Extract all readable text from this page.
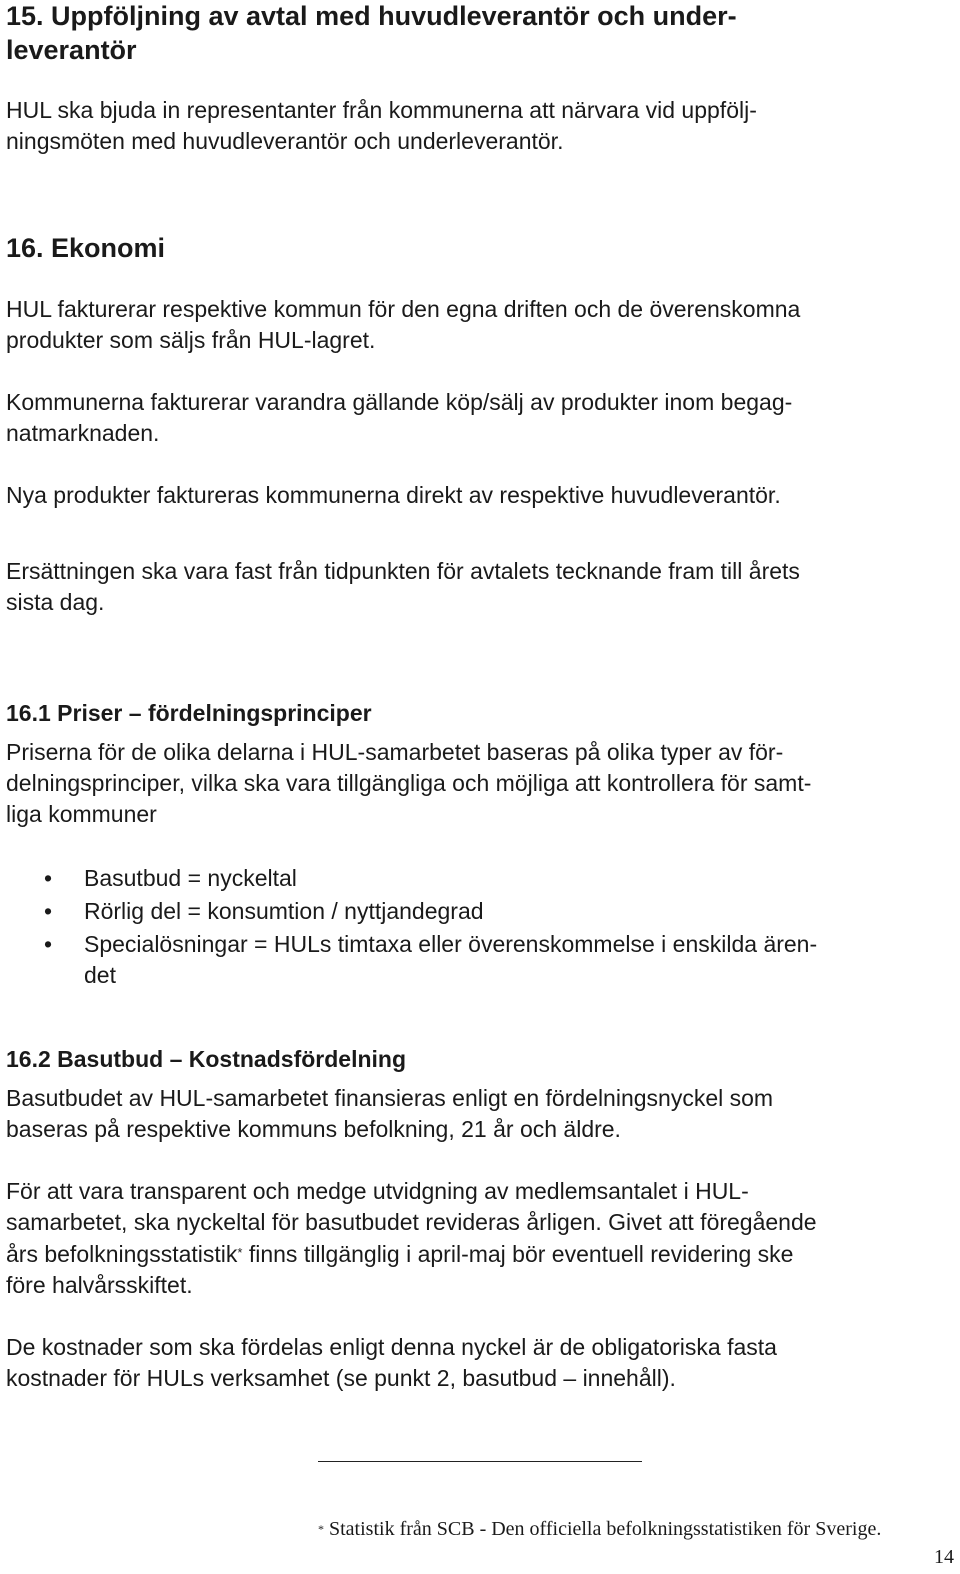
15. Uppföljning av avtal med huvudleverantör och under-

leverantör

HUL ska bjuda in representanter från kommunerna att närvara vid uppfölj-

ningsmöten med huvudleverantör och underleverantör.

16. Ekonomi

HUL fakturerar respektive kommun för den egna driften och de överenskomna

produkter som säljs från HUL-lagret.

Kommunerna fakturerar varandra gällande köp/sälj av produkter inom begag-

natmarknaden.

Nya produkter faktureras kommunerna direkt av respektive huvudleverantör.

Ersättningen ska vara fast från tidpunkten för avtalets tecknande fram till årets

sista dag.

16.1 Priser – fördelningsprinciper

Priserna för de olika delarna i HUL-samarbetet baseras på olika typer av för-

delningsprinciper, vilka ska vara tillgängliga och möjliga att kontrollera för samt-

liga kommuner

• Basutbud = nyckeltal
• Rörlig del = konsumtion / nyttjandegrad
• Specialösningar = HULs timtaxa eller överenskommelse i enskilda ären-
det

16.2 Basutbud – Kostnadsfördelning

Basutbudet av HUL-samarbetet finansieras enligt en fördelningsnyckel som

baseras på respektive kommuns befolkning, 21 år och äldre.

För att vara transparent och medge utvidgning av medlemsantalet i HUL-

samarbetet, ska nyckeltal för basutbudet revideras årligen. Givet att föregående

års befolkningsstatistik* finns tillgänglig i april-maj bör eventuell revidering ske

före halvårsskiftet.

De kostnader som ska fördelas enligt denna nyckel är de obligatoriska fasta

kostnader för HULs verksamhet (se punkt 2, basutbud – innehåll).

* Statistik från SCB - Den officiella befolkningsstatistiken för Sverige.

14
